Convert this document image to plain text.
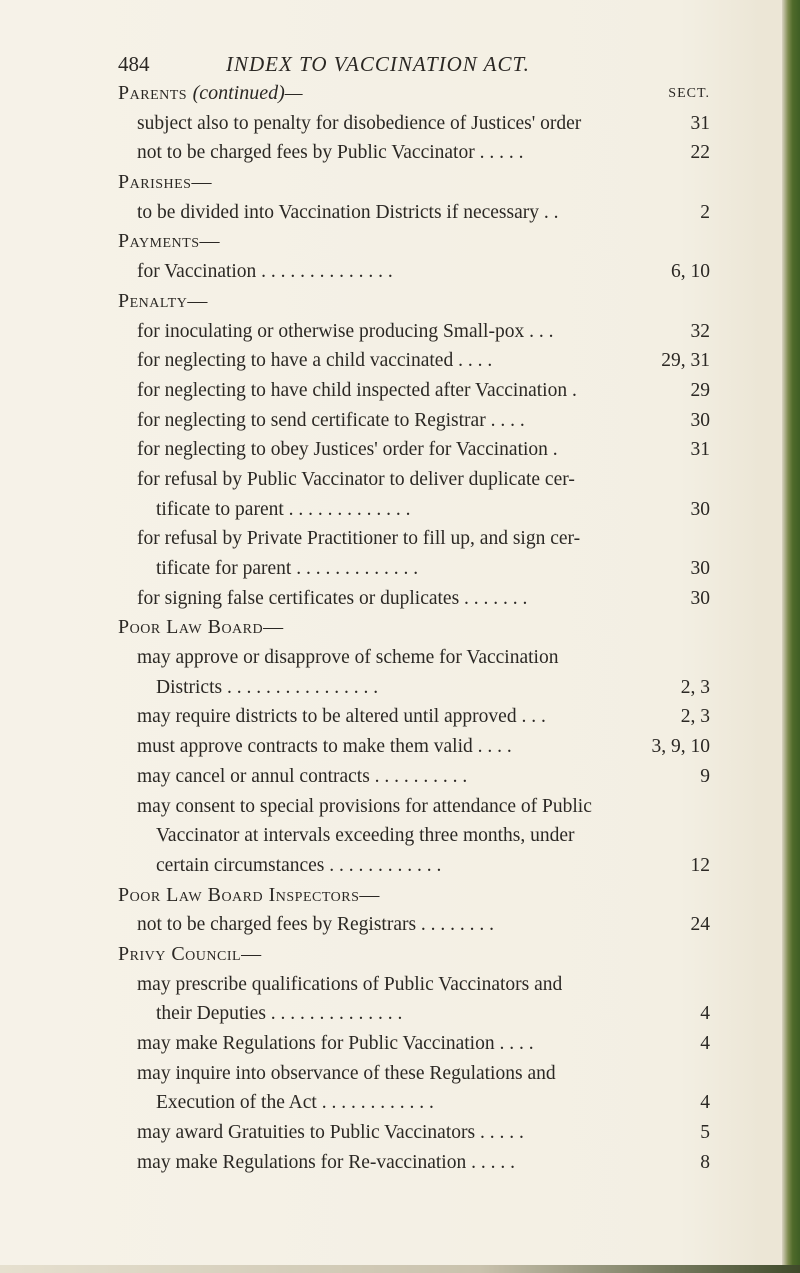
484	INDEX TO VACCINATION ACT.
Parents (continued)—	SECT.
subject also to penalty for disobedience of Justices' order	31
not to be charged fees by Public Vaccinator . . . . .	22
Parishes—
to be divided into Vaccination Districts if necessary . .	2
Payments—
for Vaccination . . . . . . . . . . . . . .	6, 10
Penalty—
for inoculating or otherwise producing Small-pox . . .	32
for neglecting to have a child vaccinated . . . .	29, 31
for neglecting to have child inspected after Vaccination .	29
for neglecting to send certificate to Registrar . . . .	30
for neglecting to obey Justices' order for Vaccination .	31
for refusal by Public Vaccinator to deliver duplicate cer-
tificate to parent . . . . . . . . . . . . .	30
for refusal by Private Practitioner to fill up, and sign cer-
tificate for parent . . . . . . . . . . . . .	30
for signing false certificates or duplicates . . . . . . .	30
Poor Law Board—
may approve or disapprove of scheme for Vaccination
Districts . . . . . . . . . . . . . . . .	2, 3
may require districts to be altered until approved . . .	2, 3
must approve contracts to make them valid . . . .	3, 9, 10
may cancel or annul contracts . . . . . . . . . .	9
may consent to special provisions for attendance of Public
Vaccinator at intervals exceeding three months, under
certain circumstances . . . . . . . . . . . .	12
Poor Law Board Inspectors—
not to be charged fees by Registrars . . . . . . . .	24
Privy Council—
may prescribe qualifications of Public Vaccinators and
their Deputies . . . . . . . . . . . . . .	4
may make Regulations for Public Vaccination . . . .	4
may inquire into observance of these Regulations and
Execution of the Act . . . . . . . . . . . .	4
may award Gratuities to Public Vaccinators . . . . .	5
may make Regulations for Re-vaccination . . . . .	8
